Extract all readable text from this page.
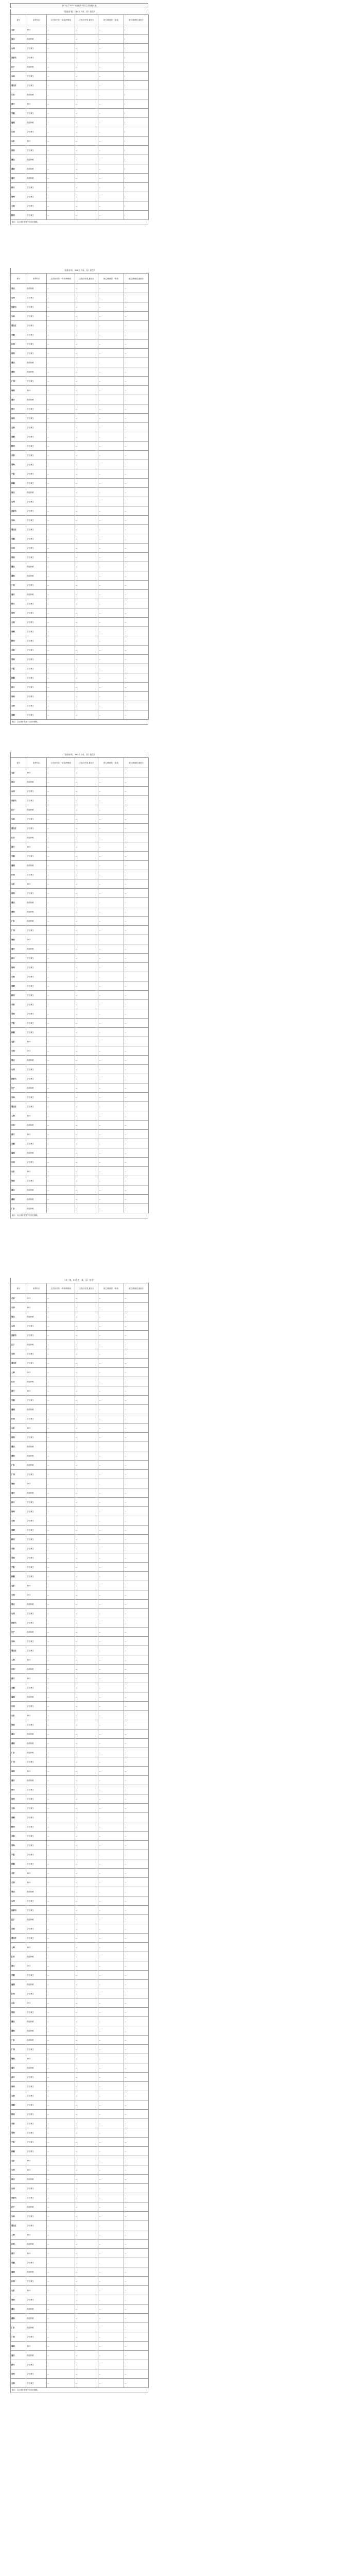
四川大学2021年普通本科招生录取统计表
《强基计划，147名（本、历）招生》
省份	高考科目	文史/历史类 一本线/特殊线	文史/历史类 最低分	理工/物理类 一本线	理工/物理类 最低分
北京	3+3	—	—	—	/
河北	首选物理	—	—	—	/
山西	文史/理工	—	—	—	/
内蒙古	文史/理工	—	—	—	/
辽宁	首选物理	—	—	—	/
吉林	文史/理工	—	—	—	/
黑龙江	文史/理工	—	—	—	/
江苏	首选物理	—	—	—	/
浙江	3+3	—	—	—	/
安徽	文史/理工	—	—	—	/
福建	首选物理	—	—	—	/
江西	文史/理工	—	—	—	/
山东	3+3	—	—	—	/
河南	文史/理工	—	—	—	/
湖北	首选物理	—	—	—	/
湖南	首选物理	—	—	—	/
重庆	首选物理	—	—	—	/
四川	文史/理工	—	—	—	/
贵州	文史/理工	—	—	—	/
云南	文史/理工	—	—	—	/
陕西	文史/理工	—	—	—	/
备注：以上统计数据不含加分照顾。
《国家专项，398名（本、历）招生》
省份	高考科目	文史/历史类 一本线/特殊线	文史/历史类 最低分	理工/物理类 一本线	理工/物理类 最低分
河北	首选物理	—	—	—	—
山西	文史/理工	—	—	—	—
内蒙古	文史/理工	—	—	—	—
吉林	文史/理工	—	—	—	—
黑龙江	文史/理工	—	—	—	—
安徽	文史/理工	—	—	—	—
江西	文史/理工	—	—	—	—
河南	文史/理工	—	—	—	—
湖北	首选物理	—	—	—	—
湖南	首选物理	—	—	—	—
广西	文史/理工	—	—	—	—
海南	3+3	—	—	—	—
重庆	首选物理	—	—	—	—
四川	文史/理工	—	—	—	—
贵州	文史/理工	—	—	—	—
云南	文史/理工	—	—	—	—
西藏	文史/理工	—	—	—	—
陕西	文史/理工	—	—	—	—
甘肃	文史/理工	—	—	—	—
青海	文史/理工	—	—	—	—
宁夏	文史/理工	—	—	—	—
新疆	文史/理工	—	—	—	—
河北	首选物理	—	—	—	—
山西	文史/理工	—	—	—	—
内蒙古	文史/理工	—	—	—	—
吉林	文史/理工	—	—	—	—
黑龙江	文史/理工	—	—	—	—
安徽	文史/理工	—	—	—	—
江西	文史/理工	—	—	—	—
河南	文史/理工	—	—	—	—
湖北	首选物理	—	—	—	—
湖南	首选物理	—	—	—	—
广西	文史/理工	—	—	—	—
重庆	首选物理	—	—	—	—
四川	文史/理工	—	—	—	—
贵州	文史/理工	—	—	—	—
云南	文史/理工	—	—	—	—
西藏	文史/理工	—	—	—	—
陕西	文史/理工	—	—	—	—
甘肃	文史/理工	—	—	—	—
青海	文史/理工	—	—	—	—
宁夏	文史/理工	—	—	—	—
新疆	文史/理工	—	—	—	—
四川	文史/理工	—	—	—	—
贵州	文史/理工	—	—	—	—
云南	文史/理工	—	—	—	—
西藏	文史/理工	—	—	—	—
备注：以上统计数据不含加分照顾。
《高校专项，393名（本、历）招生》
省份	高考科目	文史/历史类 一本线/特殊线	文史/历史类 最低分	理工/物理类 一本线	理工/物理类 最低分
北京	3+3	—	—	—	—
河北	首选物理	—	—	—	—
山西	文史/理工	—	—	—	—
内蒙古	文史/理工	—	—	—	—
辽宁	首选物理	—	—	—	—
吉林	文史/理工	—	—	—	—
黑龙江	文史/理工	—	—	—	—
江苏	首选物理	—	—	—	—
浙江	3+3	—	—	—	—
安徽	文史/理工	—	—	—	—
福建	首选物理	—	—	—	—
江西	文史/理工	—	—	—	—
山东	3+3	—	—	—	—
河南	文史/理工	—	—	—	—
湖北	首选物理	—	—	—	—
湖南	首选物理	—	—	—	—
广东	首选物理	—	—	—	—
广西	文史/理工	—	—	—	—
海南	3+3	—	—	—	—
重庆	首选物理	—	—	—	—
四川	文史/理工	—	—	—	—
贵州	文史/理工	—	—	—	—
云南	文史/理工	—	—	—	—
西藏	文史/理工	—	—	—	—
陕西	文史/理工	—	—	—	—
甘肃	文史/理工	—	—	—	—
青海	文史/理工	—	—	—	—
宁夏	文史/理工	—	—	—	—
新疆	文史/理工	—	—	—	—
北京	3+3	—	—	—	—
天津	3+3	—	—	—	—
河北	首选物理	—	—	—	—
山西	文史/理工	—	—	—	—
内蒙古	文史/理工	—	—	—	—
辽宁	首选物理	—	—	—	—
吉林	文史/理工	—	—	—	—
黑龙江	文史/理工	—	—	—	—
上海	3+3	—	—	—	—
江苏	首选物理	—	—	—	—
浙江	3+3	—	—	—	—
安徽	文史/理工	—	—	—	—
福建	首选物理	—	—	—	—
江西	文史/理工	—	—	—	—
山东	3+3	—	—	—	—
河南	文史/理工	—	—	—	—
湖北	首选物理	—	—	—	—
湖南	首选物理	—	—	—	—
广东	首选物理	—	—	—	—
备注：以上统计数据不含加分照顾。
《本一批，83个省（本、历）招生》
省份	高考科目	文史/历史类 一本线/特殊线	文史/历史类 最低分	理工/物理类 一本线	理工/物理类 最低分
北京	3+3	—	—	—	—
天津	3+3	—	—	—	—
河北	首选物理	—	—	—	—
山西	文史/理工	—	—	—	—
内蒙古	文史/理工	—	—	—	—
辽宁	首选物理	—	—	—	—
吉林	文史/理工	—	—	—	—
黑龙江	文史/理工	—	—	—	—
上海	3+3	—	—	—	—
江苏	首选物理	—	—	—	—
浙江	3+3	—	—	—	—
安徽	文史/理工	—	—	—	—
福建	首选物理	—	—	—	—
江西	文史/理工	—	—	—	—
山东	3+3	—	—	—	—
河南	文史/理工	—	—	—	—
湖北	首选物理	—	—	—	—
湖南	首选物理	—	—	—	—
广东	首选物理	—	—	—	—
广西	文史/理工	—	—	—	—
海南	3+3	—	—	—	—
重庆	首选物理	—	—	—	—
四川	文史/理工	—	—	—	—
贵州	文史/理工	—	—	—	—
云南	文史/理工	—	—	—	—
西藏	文史/理工	—	—	—	—
陕西	文史/理工	—	—	—	—
甘肃	文史/理工	—	—	—	—
青海	文史/理工	—	—	—	—
宁夏	文史/理工	—	—	—	—
新疆	文史/理工	—	—	—	—
北京	3+3	—	—	—	—
天津	3+3	—	—	—	—
河北	首选物理	—	—	—	—
山西	文史/理工	—	—	—	—
内蒙古	文史/理工	—	—	—	—
辽宁	首选物理	—	—	—	—
吉林	文史/理工	—	—	—	—
黑龙江	文史/理工	—	—	—	—
上海	3+3	—	—	—	—
江苏	首选物理	—	—	—	—
浙江	3+3	—	—	—	—
安徽	文史/理工	—	—	—	—
福建	首选物理	—	—	—	—
江西	文史/理工	—	—	—	—
山东	3+3	—	—	—	—
河南	文史/理工	—	—	—	—
湖北	首选物理	—	—	—	—
湖南	首选物理	—	—	—	—
广东	首选物理	—	—	—	—
广西	文史/理工	—	—	—	—
海南	3+3	—	—	—	—
重庆	首选物理	—	—	—	—
四川	文史/理工	—	—	—	—
贵州	文史/理工	—	—	—	—
云南	文史/理工	—	—	—	—
西藏	文史/理工	—	—	—	—
陕西	文史/理工	—	—	—	—
甘肃	文史/理工	—	—	—	—
青海	文史/理工	—	—	—	—
宁夏	文史/理工	—	—	—	—
新疆	文史/理工	—	—	—	—
北京	3+3	—	—	—	—
天津	3+3	—	—	—	—
河北	首选物理	—	—	—	—
山西	文史/理工	—	—	—	—
内蒙古	文史/理工	—	—	—	—
辽宁	首选物理	—	—	—	—
吉林	文史/理工	—	—	—	—
黑龙江	文史/理工	—	—	—	—
上海	3+3	—	—	—	—
江苏	首选物理	—	—	—	—
浙江	3+3	—	—	—	—
安徽	文史/理工	—	—	—	—
福建	首选物理	—	—	—	—
江西	文史/理工	—	—	—	—
山东	3+3	—	—	—	—
河南	文史/理工	—	—	—	—
湖北	首选物理	—	—	—	—
湖南	首选物理	—	—	—	—
广东	首选物理	—	—	—	—
广西	文史/理工	—	—	—	—
海南	3+3	—	—	—	—
重庆	首选物理	—	—	—	—
四川	文史/理工	—	—	—	—
贵州	文史/理工	—	—	—	—
云南	文史/理工	—	—	—	—
西藏	文史/理工	—	—	—	—
陕西	文史/理工	—	—	—	—
甘肃	文史/理工	—	—	—	—
青海	文史/理工	—	—	—	—
宁夏	文史/理工	—	—	—	—
新疆	文史/理工	—	—	—	—
北京	3+3	—	—	—	—
天津	3+3	—	—	—	—
河北	首选物理	—	—	—	—
山西	文史/理工	—	—	—	—
内蒙古	文史/理工	—	—	—	—
辽宁	首选物理	—	—	—	—
吉林	文史/理工	—	—	—	—
黑龙江	文史/理工	—	—	—	—
上海	3+3	—	—	—	—
江苏	首选物理	—	—	—	—
浙江	3+3	—	—	—	—
安徽	文史/理工	—	—	—	—
福建	首选物理	—	—	—	—
江西	文史/理工	—	—	—	—
山东	3+3	—	—	—	—
河南	文史/理工	—	—	—	—
湖北	首选物理	—	—	—	—
湖南	首选物理	—	—	—	—
广东	首选物理	—	—	—	—
广西	文史/理工	—	—	—	—
海南	3+3	—	—	—	—
重庆	首选物理	—	—	—	—
四川	文史/理工	—	—	—	—
贵州	文史/理工	—	—	—	—
云南	文史/理工	—	—	—	—
备注：以上统计数据不含加分照顾。
